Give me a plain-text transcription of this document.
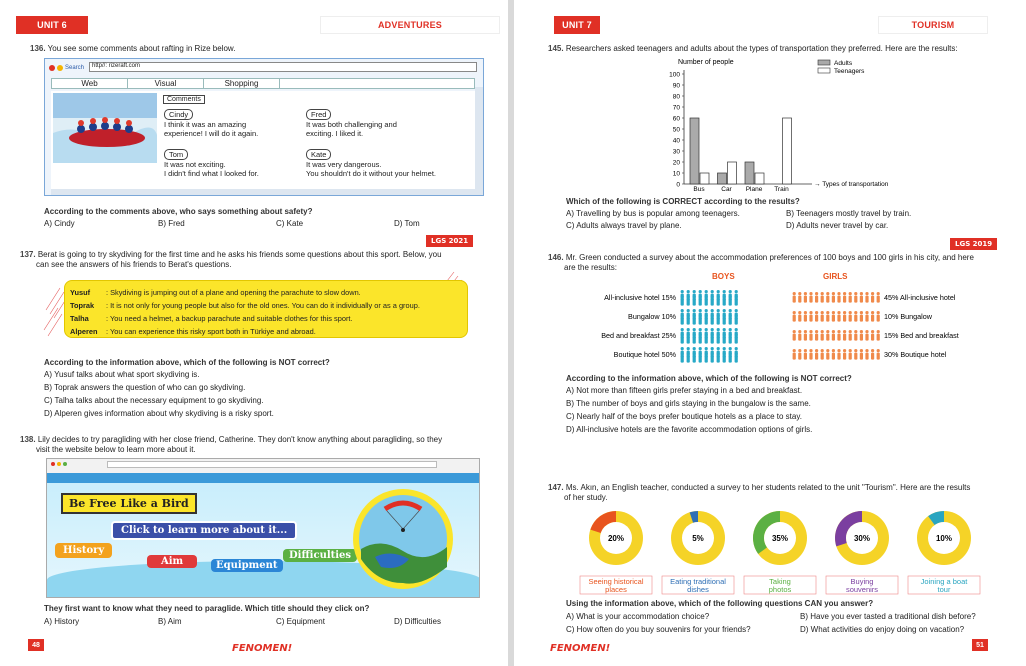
UNIT 6	ADVENTURES
136. You see some comments about rafting in Rize below.
Search	http//: rizeraft.com
Web	Visual	Shopping
Comments
Cindy
I think it was an amazing
experience! I will do it again.
Fred
It was both challenging and
exciting. I liked it.
Tom
It was not exciting.
I didn't find what I looked for.
Kate
It was very dangerous.
You shouldn't do it without your helmet.
According to the comments above, who says something about safety?
A) Cindy	B) Fred	C) Kate	D) Tom
LGS 2021
137. Berat is going to try skydiving for the first time and he asks his friends some questions about this sport. Below, you
can see the answers of his friends to Berat's questions.
Yusuf : Skydiving is jumping out of a plane and opening the parachute to slow down.
Toprak : It is not only for young people but also for the old ones. You can do it individually or as a group.
Talha : You need a helmet, a backup parachute and suitable clothes for this sport.
Alperen : You can experience this risky sport both in Türkiye and abroad.
According to the information above, which of the following is NOT correct?
A) Yusuf talks about what sport skydiving is.
B) Toprak answers the question of who can go skydiving.
C) Talha talks about the necessary equipment to go skydiving.
D) Alperen gives information about why skydiving is a risky sport.
138. Lily decides to try paragliding with her close friend, Catherine. They don't know anything about paragliding, so they
visit the website below to learn more about it.
Be Free Like a Bird
Click to learn more about it...
History
Aim	Equipment
Difficulties
They first want to know what they need to paraglide. Which title should they click on?
A) History	B) Aim	C) Equipment	D) Difficulties
48	FENOMEN!
UNIT 7	TOURISM
145. Researchers asked teenagers and adults about the types of transportation they preferred. Here are the results:
Number of people
0
10
20
30
40
50
60
70
80
90
100
Bus	Car Plane Train
→ Types of transportation
Adults
Teenagers
Which of the following is CORRECT according to the results?
A) Travelling by bus is popular among teenagers.	B) Teenagers mostly travel by train.
C) Adults always travel by plane.	D) Adults never travel by car.
LGS 2019
146. Mr. Green conducted a survey about the accommodation preferences of 100 boys and 100 girls in his city, and here
are the results:
BOYS	GIRLS
All-inclusive hotel 15%
Bungalow 10%
Bed and breakfast 25%
Boutique hotel 50%
45% All-inclusive hotel
10% Bungalow
15% Bed and breakfast
30% Boutique hotel
According to the information above, which of the following is NOT correct?
A) Not more than fifteen girls prefer staying in a bed and breakfast.
B) The number of boys and girls staying in the bungalow is the same.
C) Nearly half of the boys prefer boutique hotels as a place to stay.
D) All-inclusive hotels are the favorite accommodation options of girls.
147. Ms. Akın, an English teacher, conducted a survey to her students related to the unit "Tourism". Here are the results
of her study.
20%
Seeing historical
places
5%
Eating traditional
dishes
35%
Taking
photos
30%
Buying
souvenirs
10%
Joining a boat
tour
Using the information above, which of the following questions CAN you answer?
A) What is your accommodation choice?	B) Have you ever tasted a traditional dish before?
C) How often do you buy souvenirs for your friends?	D) What activities do enjoy doing on vacation?
FENOMEN!	51
